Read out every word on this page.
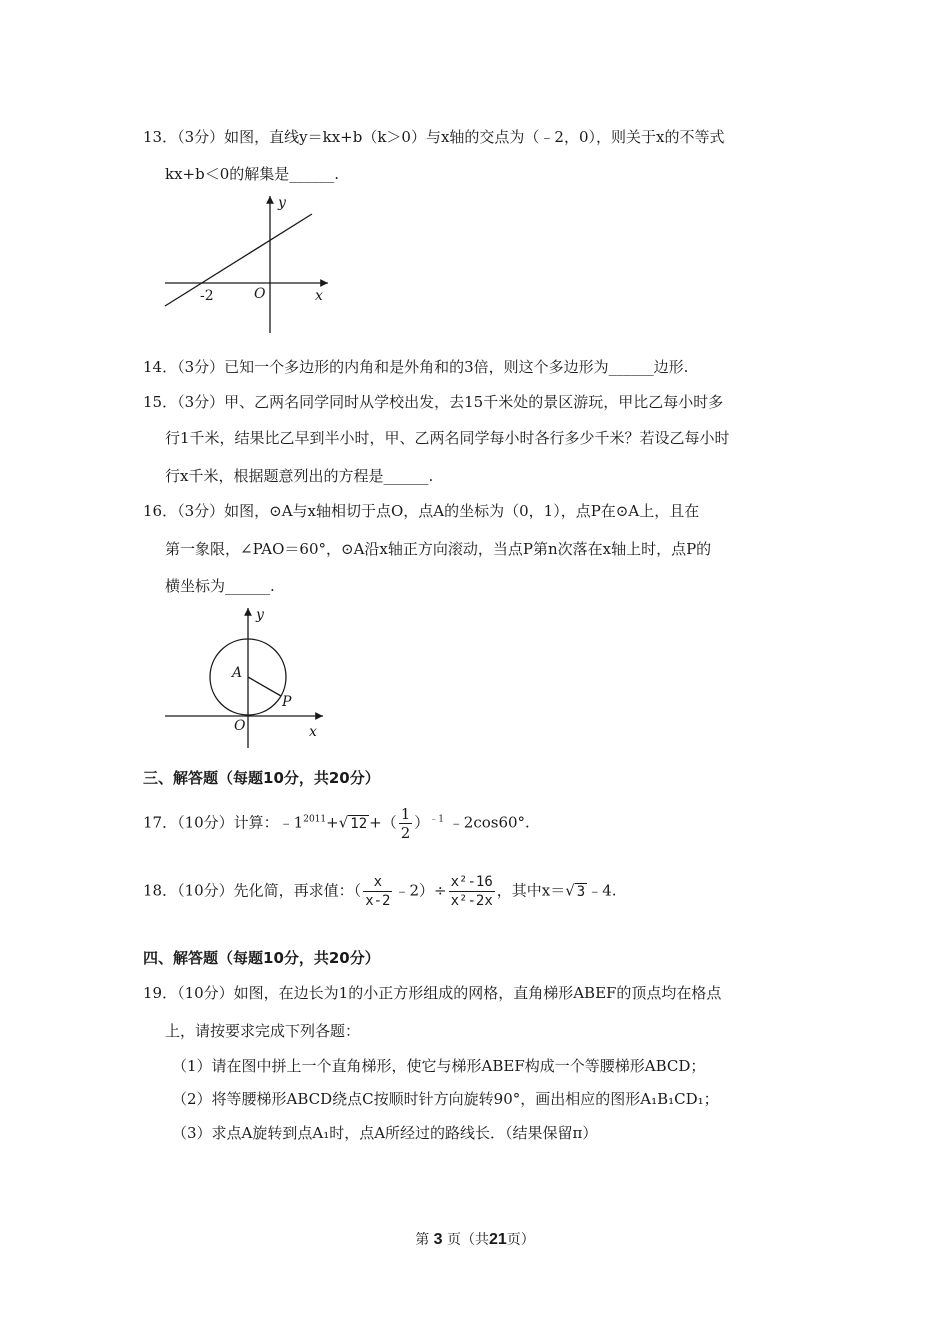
13．（3分）如图，直线y＝kx+b（k＞0）与x轴的交点为（﹣2，0），则关于x的不等式
kx+b＜0的解集是______.
y
x
O
-2
14．（3分）已知一个多边形的内角和是外角和的3倍，则这个多边形为______边形.
15．（3分）甲、乙两名同学同时从学校出发，去15千米处的景区游玩，甲比乙每小时多
行1千米，结果比乙早到半小时，甲、乙两名同学每小时各行多少千米？若设乙每小时
行x千米，根据题意列出的方程是______.
16．（3分）如图，⊙A与x轴相切于点O，点A的坐标为（0，1），点P在⊙A上，且在
第一象限，∠PAO＝60°，⊙A沿x轴正方向滚动，当点P第n次落在x轴上时，点P的
横坐标为______.
y
x
O
A
P
三、解答题（每题10分，共20分）
17．（10分）计算：$﹣1^{2011}+√$ 12 +（ $\frac{1}{2} )^{﹣1}$ ﹣2cos60°.
18．（10分）先化简，再求值：（ $\frac{x}{x-2}$ ﹣2）÷ $\frac{\text{x²-16}}{\text{x²-2x}}$ ，其中x＝√ 3 ﹣4.
四、解答题（每题10分，共20分）
19．（10分）如图，在边长为1的小正方形组成的网格，直角梯形ABEF的顶点均在格点
上，请按要求完成下列各题：
（1）请在图中拼上一个直角梯形，使它与梯形ABEF构成一个等腰梯形ABCD；
（2）将等腰梯形ABCD绕点C按顺时针方向旋转90°，画出相应的图形A₁B₁CD₁；
（3）求点A旋转到点A₁时，点A所经过的路线长．（结果保留π）
第 3 页（共21页）
